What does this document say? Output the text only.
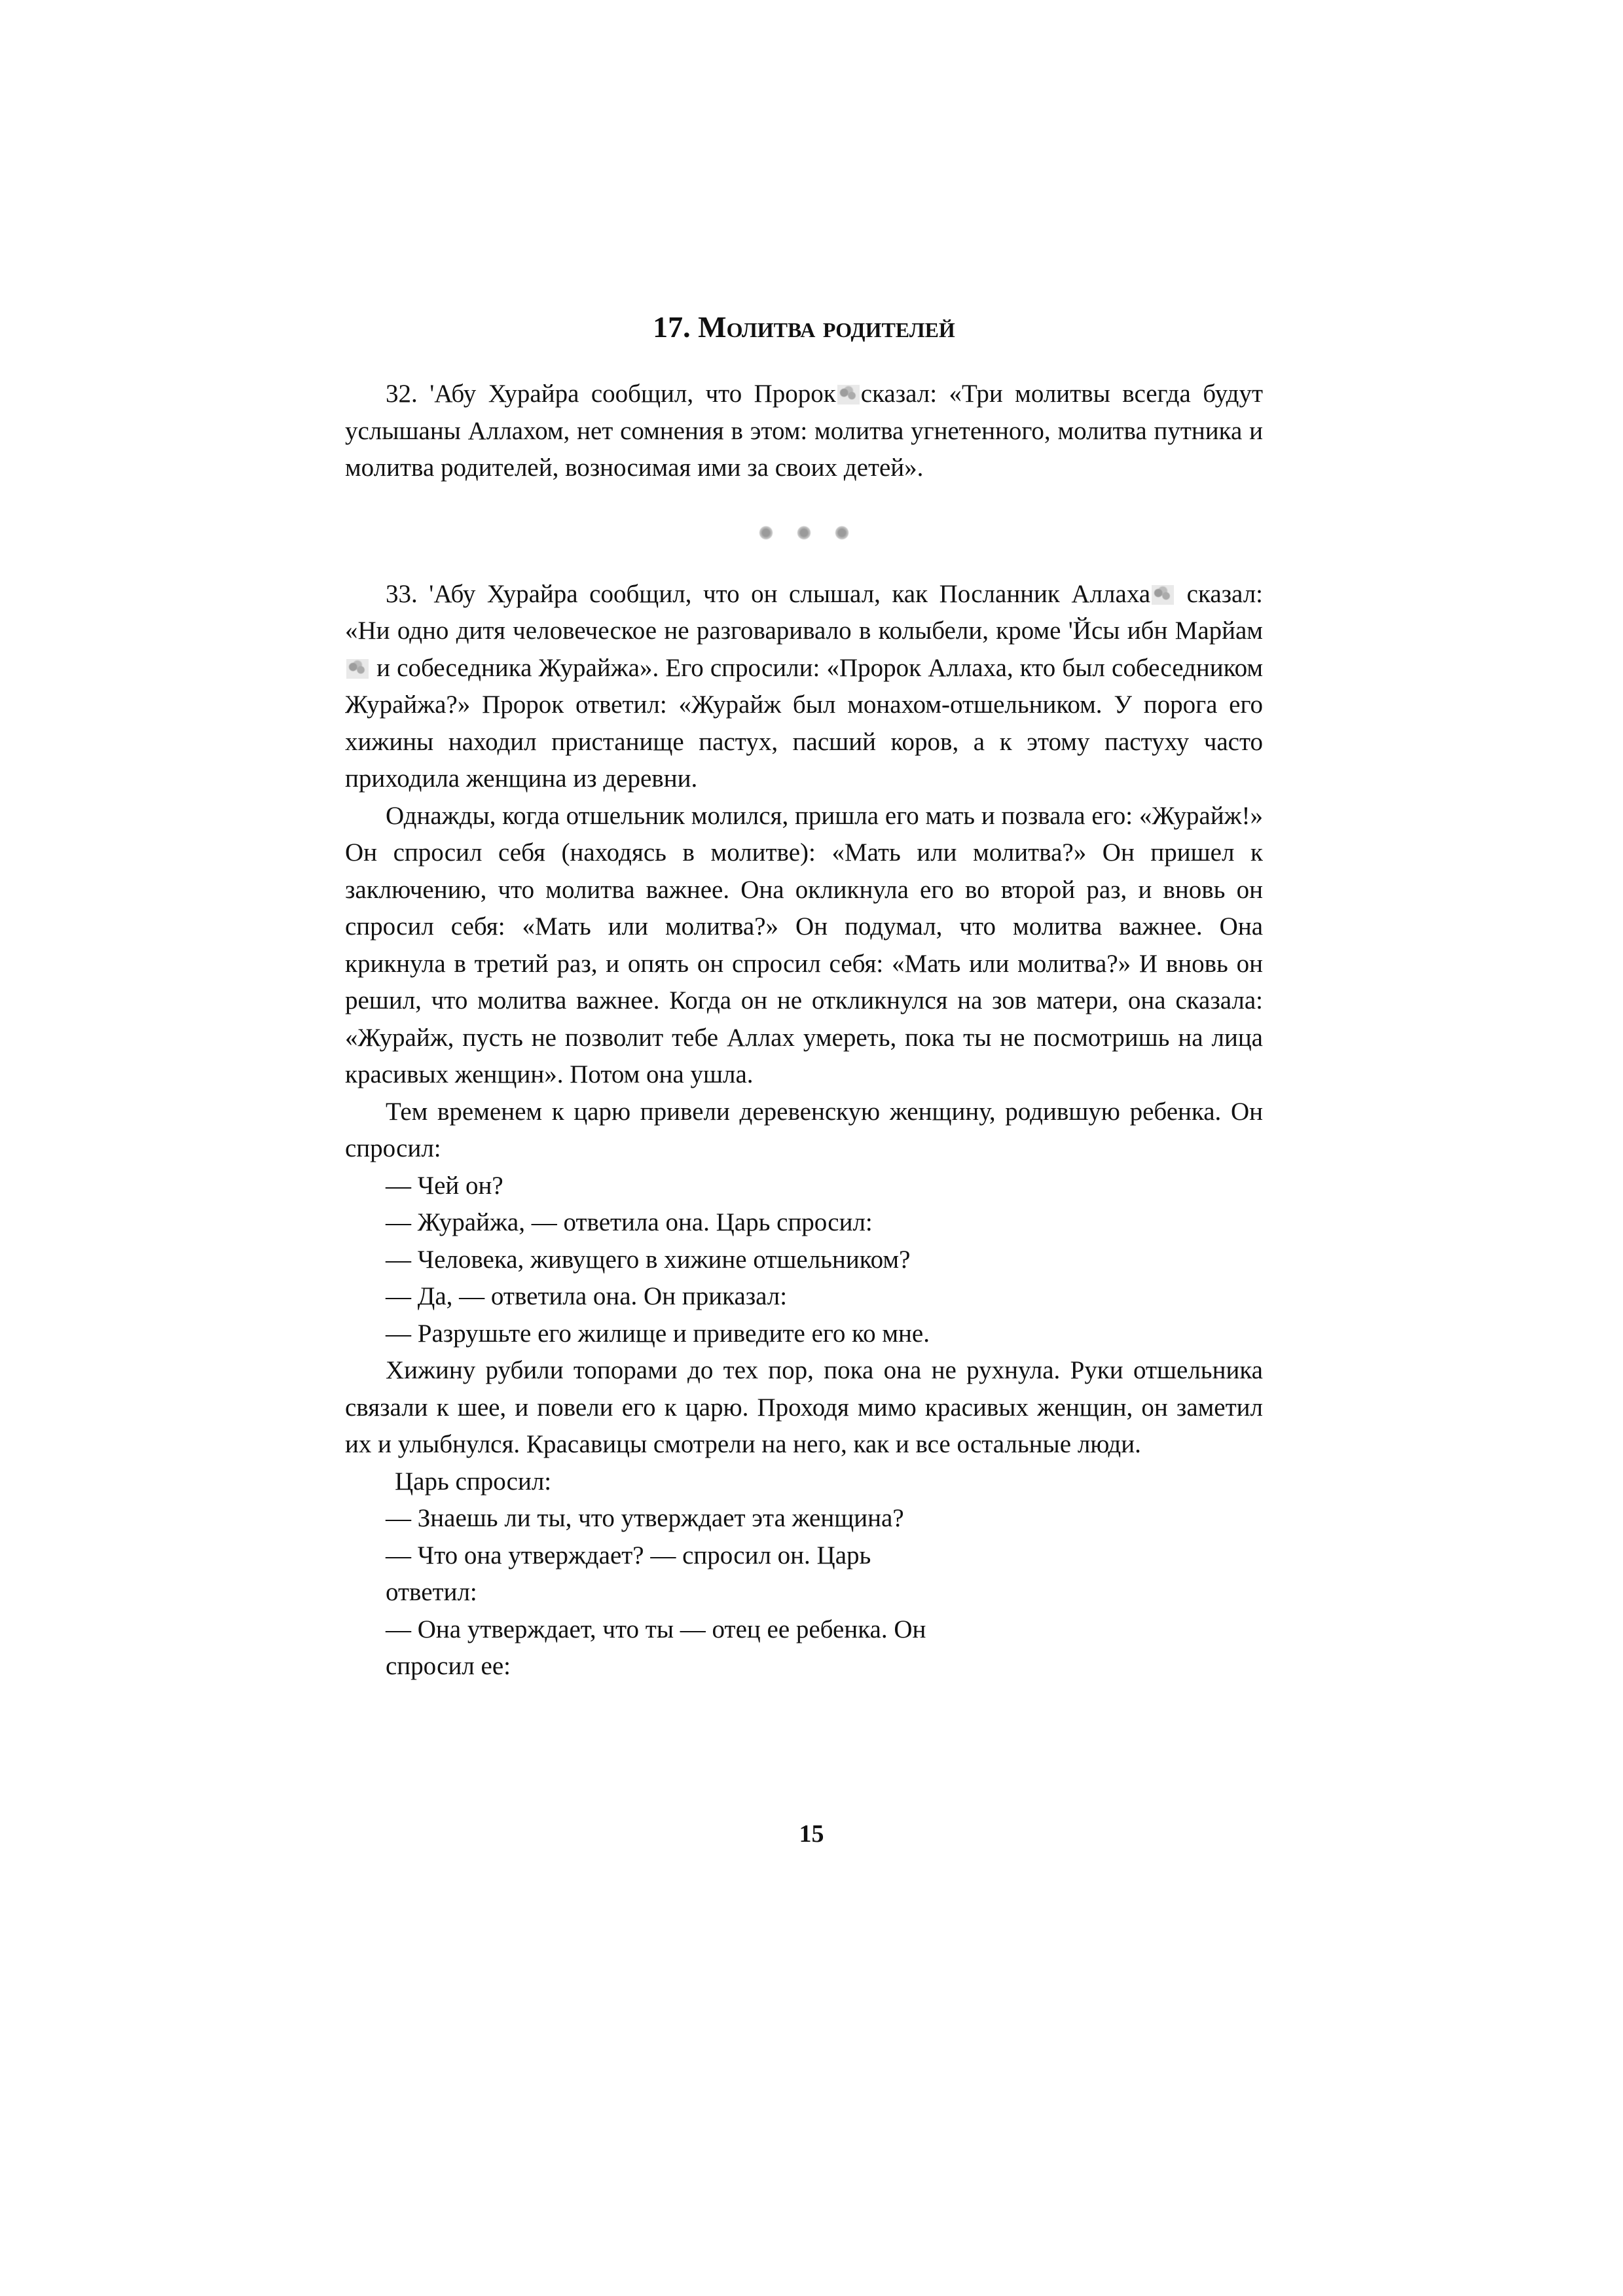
17. Молитва родителей

32. 'Абу Хурайра сообщил, что Пророк сказал: «Три молитвы всегда будут услышаны Аллахом, нет сомнения в этом: молитва угнетенного, молитва путника и молитва родителей, возносимая ими за своих детей».

33. 'Абу Хурайра сообщил, что он слышал, как Посланник Аллаха сказал: «Ни одно дитя человеческое не разговаривало в колыбели, кроме 'Йсы ибн Марйам и собеседника Журайжа». Его спросили: «Пророк Аллаха, кто был собеседником Журайжа?» Пророк ответил: «Журайж был монахом-отшельником. У порога его хижины находил пристанище пастух, пасший коров, а к этому пастуху часто приходила женщина из деревни.

Однажды, когда отшельник молился, пришла его мать и позвала его: «Журайж!» Он спросил себя (находясь в молитве): «Мать или молитва?» Он пришел к заключению, что молитва важнее. Она окликнула его во второй раз, и вновь он спросил себя: «Мать или молитва?» Он подумал, что молитва важнее. Она крикнула в третий раз, и опять он спросил себя: «Мать или молитва?» И вновь он решил, что молитва важнее. Когда он не откликнулся на зов матери, она сказала: «Журайж, пусть не позволит тебе Аллах умереть, пока ты не посмотришь на лица красивых женщин». Потом она ушла.

Тем временем к царю привели деревенскую женщину, родившую ребенка. Он спросил:

— Чей он?

— Журайжа, — ответила она. Царь спросил:

— Человека, живущего в хижине отшельником?

— Да, — ответила она. Он приказал:

— Разрушьте его жилище и приведите его ко мне.

Хижину рубили топорами до тех пор, пока она не рухнула. Руки отшельника связали к шее, и повели его к царю. Проходя мимо красивых женщин, он заметил их и улыбнулся. Красавицы смотрели на него, как и все остальные люди.

Царь спросил:

— Знаешь ли ты, что утверждает эта женщина?

— Что она утверждает? — спросил он. Царь

ответил:

— Она утверждает, что ты — отец ее ребенка. Он

спросил ее:

15
